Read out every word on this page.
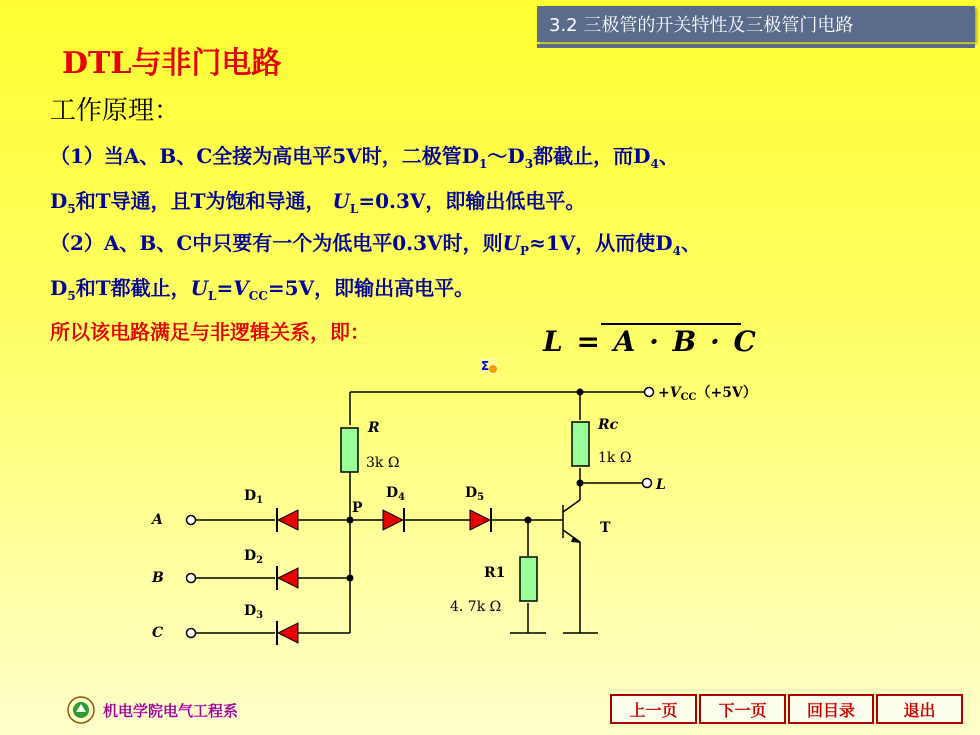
3.2 三极管的开关特性及三极管门电路
DTL与非门电路
工作原理：
（1）当A、B、C全接为高电平5V时，二极管$D_1\sim D_3$都截止，而$D_4$、
$D_5$和T导通，且T为饱和导通， $U_L=0.3V$，即输出低电平。
（2）A、B、C中只要有一个为低电平0.3V时，则$U_P\approx 1V$，从而使$D_4$、
$D_5$和T都截止，$U_L=V_{CC}=5V$，即输出高电平。
所以该电路满足与非逻辑关系，即：	L = A · B · C
Σ
$+V_{CC}(+5V)$
R
3k Ω
Rc
1k Ω
L
P
T
R1
4. 7k Ω
A
B
C
$D_1$
$D_2$
$D_3$
$D_4$	$D_5$
机电学院电气工程系	上一页	下一页	回目录	退出
